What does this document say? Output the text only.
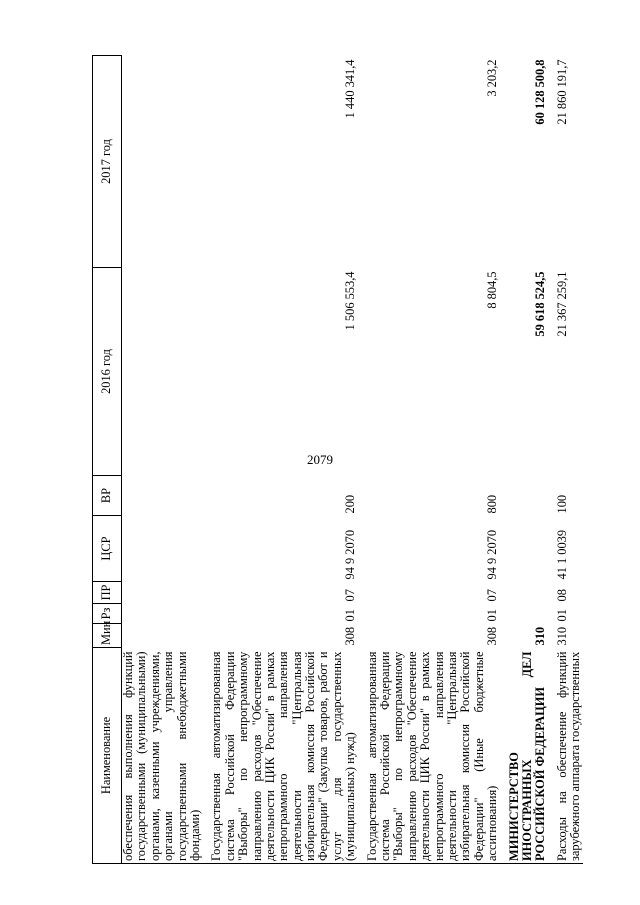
2079
Наименование	Мин	Рз	ПР	ЦСР	ВР	2016 год	2017 год
обеспечения выполнения функций государственными (муниципальными) органами, казенными учреждениями, органами управления государственными внебюджетными фондами)							

Государственная автоматизированная система Российской Федерации "Выборы" по непрограммному направлению расходов "Обеспечение деятельности ЦИК России" в рамках непрограммного направления деятельности "Центральная избирательная комиссия Российской Федерации" (Закупка товаров, работ и услуг для государственных (муниципальных) нужд)	308	01	07	94 9 2070	200	1 506 553,4	1 440 341,4

Государственная автоматизированная система Российской Федерации "Выборы" по непрограммному направлению расходов "Обеспечение деятельности ЦИК России" в рамках непрограммного направления деятельности "Центральная избирательная комиссия Российской Федерации" (Иные бюджетные ассигнования)	308	01	07	94 9 2070	800	8 804,5	3 203,2

МИНИСТЕРСТВО ИНОСТРАННЫХ ДЕЛ РОССИЙСКОЙ ФЕДЕРАЦИИ	310					59 618 524,5	60 128 500,8

Расходы на обеспечение функций зарубежного аппарата государственных	310	01	08	41 1 0039	100	21 367 259,1	21 860 191,7
